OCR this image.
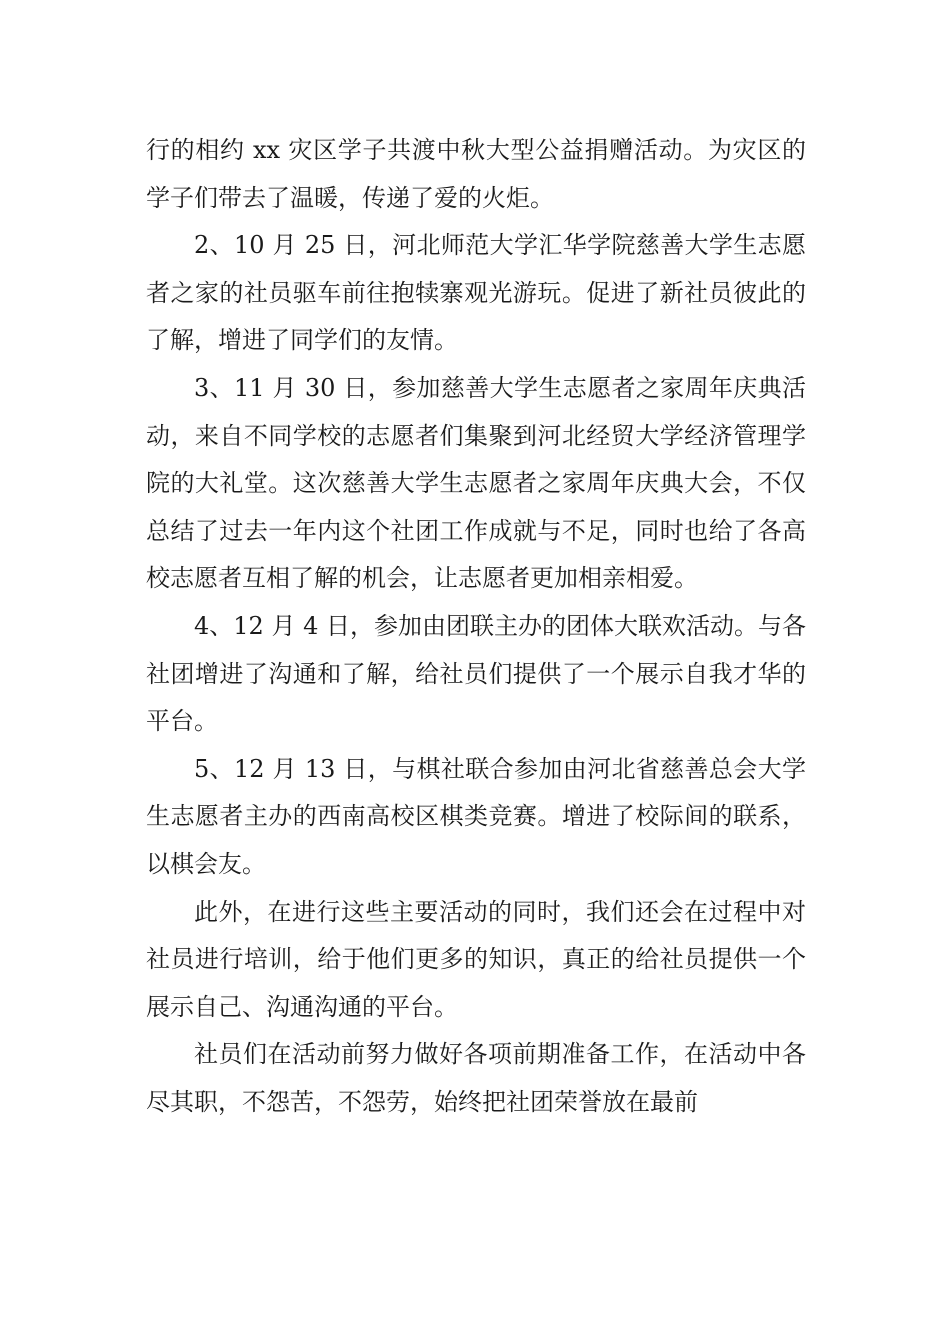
行的相约 xx 灾区学子共渡中秋大型公益捐赠活动。为灾区的学子们带去了温暖，传递了爱的火炬。

2、10 月 25 日，河北师范大学汇华学院慈善大学生志愿者之家的社员驱车前往抱犊寨观光游玩。促进了新社员彼此的了解，增进了同学们的友情。

3、11 月 30 日，参加慈善大学生志愿者之家周年庆典活动，来自不同学校的志愿者们集聚到河北经贸大学经济管理学院的大礼堂。这次慈善大学生志愿者之家周年庆典大会，不仅总结了过去一年内这个社团工作成就与不足，同时也给了各高校志愿者互相了解的机会，让志愿者更加相亲相爱。

4、12 月 4 日，参加由团联主办的团体大联欢活动。与各社团增进了沟通和了解，给社员们提供了一个展示自我才华的平台。

5、12 月 13 日，与棋社联合参加由河北省慈善总会大学生志愿者主办的西南高校区棋类竞赛。增进了校际间的联系，以棋会友。

此外，在进行这些主要活动的同时，我们还会在过程中对社员进行培训，给于他们更多的知识，真正的给社员提供一个展示自己、沟通沟通的平台。

社员们在活动前努力做好各项前期准备工作，在活动中各尽其职，不怨苦，不怨劳，始终把社团荣誉放在最前
